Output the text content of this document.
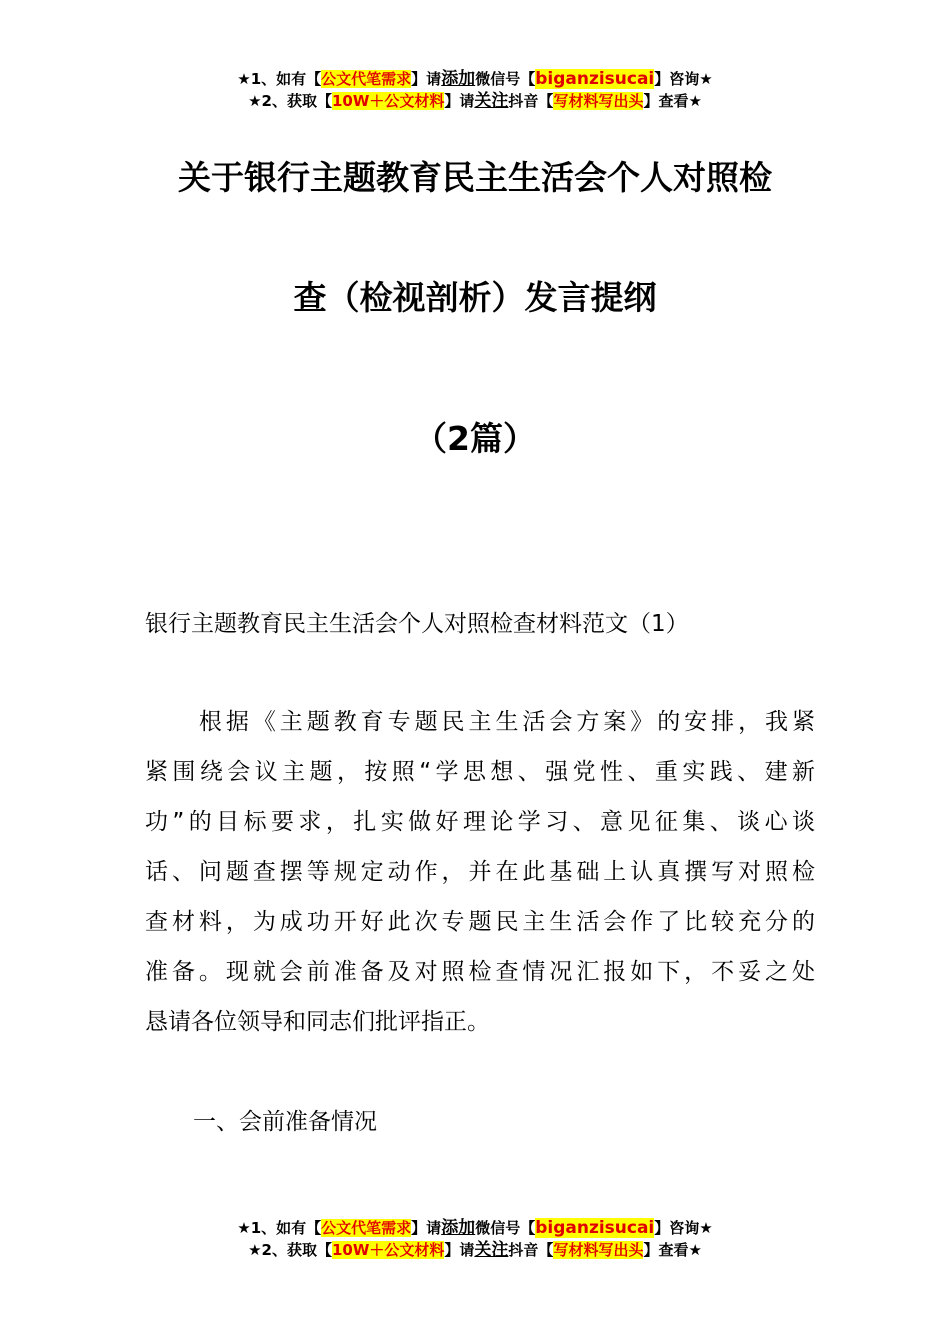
★1、如有【公文代笔需求】请添加微信号【biganzisucai】咨询★
★2、获取【10W＋公文材料】请关注抖音【写材料写出头】查看★
关于银行主题教育民主生活会个人对照检
查（检视剖析）发言提纲
（2篇）
银行主题教育民主生活会个人对照检查材料范文（1）
　　根据《主题教育专题民主生活会方案》的安排，我紧
紧围绕会议主题，按照“学思想、强党性、重实践、建新
功”的目标要求，扎实做好理论学习、意见征集、谈心谈
话、问题查摆等规定动作，并在此基础上认真撰写对照检
查材料，为成功开好此次专题民主生活会作了比较充分的
准备。现就会前准备及对照检查情况汇报如下，不妥之处
恳请各位领导和同志们批评指正。
一、会前准备情况
★1、如有【公文代笔需求】请添加微信号【biganzisucai】咨询★
★2、获取【10W＋公文材料】请关注抖音【写材料写出头】查看★
